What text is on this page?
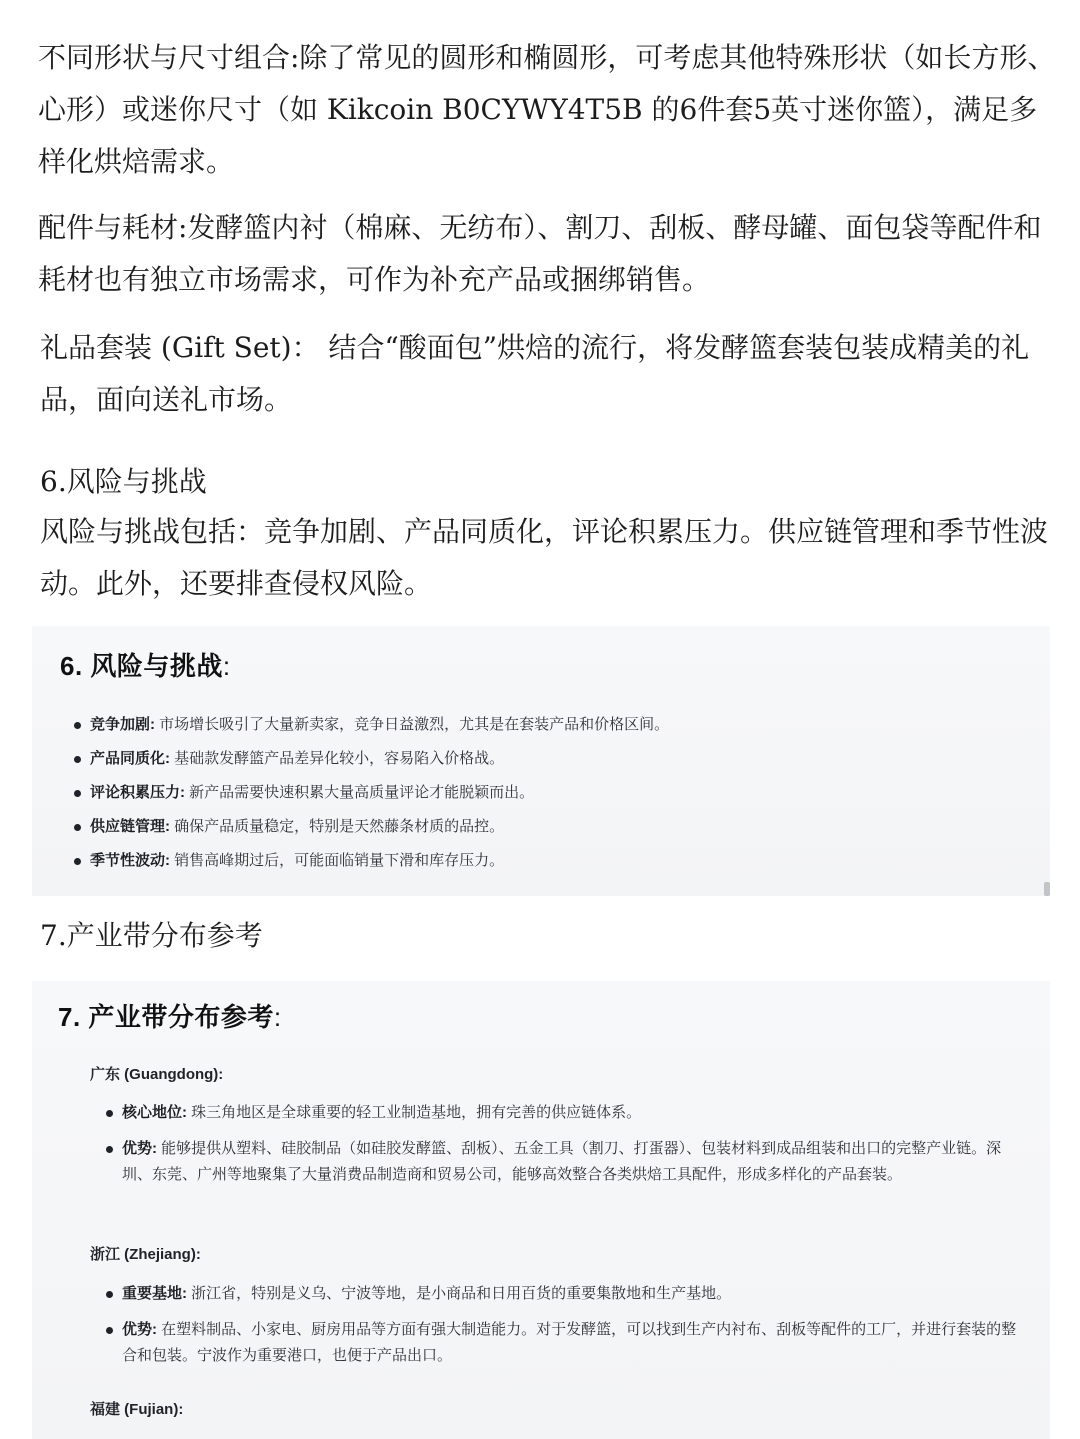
不同形状与尺寸组合:除了常见的圆形和椭圆形，可考虑其他特殊形状（如长方形、心形）或迷你尺寸（如 Kikcoin B0CYWY4T5B 的6件套5英寸迷你篮），满足多样化烘焙需求。

配件与耗材:发酵篮内衬（棉麻、无纺布）、割刀、刮板、酵母罐、面包袋等配件和耗材也有独立市场需求，可作为补充产品或捆绑销售。

礼品套装 (Gift Set)： 结合“酸面包”烘焙的流行，将发酵篮套装包装成精美的礼品，面向送礼市场。

6.风险与挑战

风险与挑战包括：竞争加剧、产品同质化，评论积累压力。供应链管理和季节性波动。此外，还要排查侵权风险。

6. 风险与挑战:
竞争加剧: 市场增长吸引了大量新卖家，竞争日益激烈，尤其是在套装产品和价格区间。
产品同质化: 基础款发酵篮产品差异化较小，容易陷入价格战。
评论积累压力: 新产品需要快速积累大量高质量评论才能脱颖而出。
供应链管理: 确保产品质量稳定，特别是天然藤条材质的品控。
季节性波动: 销售高峰期过后，可能面临销量下滑和库存压力。

7.产业带分布参考

7. 产业带分布参考:

广东 (Guangdong):

核心地位: 珠三角地区是全球重要的轻工业制造基地，拥有完善的供应链体系。
优势: 能够提供从塑料、硅胶制品（如硅胶发酵篮、刮板）、五金工具（割刀、打蛋器）、包装材料到成品组装和出口的完整产业链。深圳、东莞、广州等地聚集了大量消费品制造商和贸易公司，能够高效整合各类烘焙工具配件，形成多样化的产品套装。

浙江 (Zhejiang):

重要基地: 浙江省，特别是义乌、宁波等地，是小商品和日用百货的重要集散地和生产基地。
优势: 在塑料制品、小家电、厨房用品等方面有强大制造能力。对于发酵篮，可以找到生产内衬布、刮板等配件的工厂，并进行套装的整合和包装。宁波作为重要港口，也便于产品出口。

福建 (Fujian):
